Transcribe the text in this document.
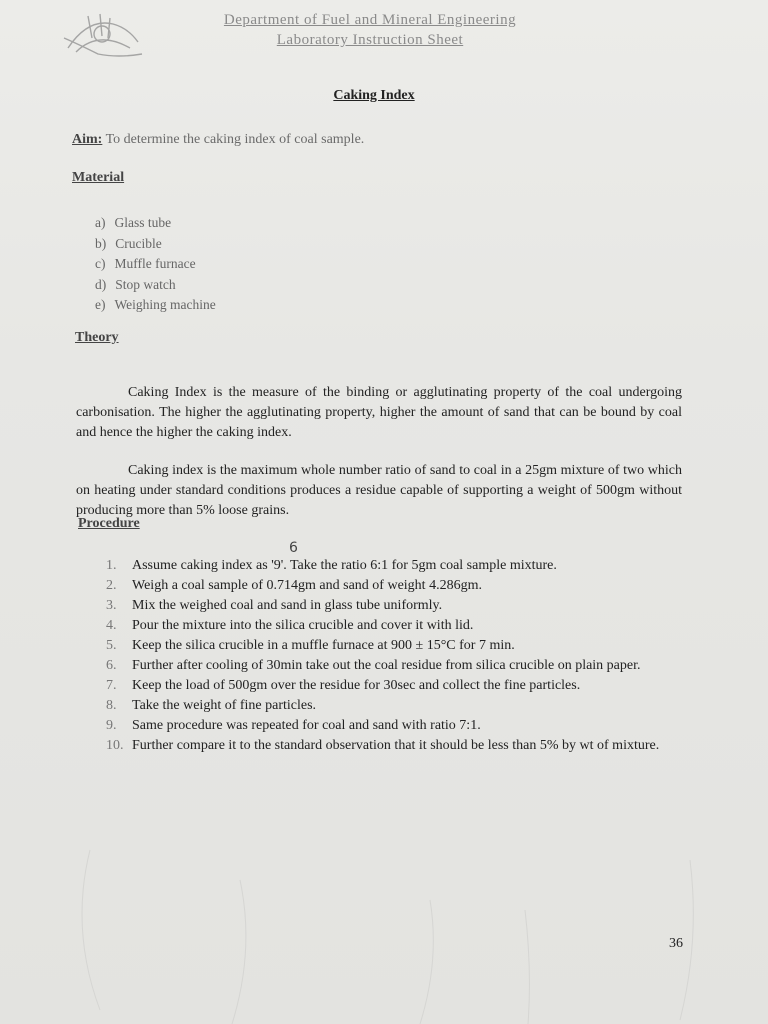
Department of Fuel and Mineral Engineering
Laboratory Instruction Sheet
Caking Index
Aim: To determine the caking index of coal sample.
Material
a) Glass tube
b) Crucible
c) Muffle furnace
d) Stop watch
e) Weighing machine
Theory

Caking Index is the measure of the binding or agglutinating property of the coal undergoing carbonisation. The higher the agglutinating property, higher the amount of sand that can be bound by coal and hence the higher the caking index.

Caking index is the maximum whole number ratio of sand to coal in a 25gm mixture of two which on heating under standard conditions produces a residue capable of supporting a weight of 500gm without producing more than 5% loose grains.

Procedure
6
1. Assume caking index as '9'. Take the ratio 6:1 for 5gm coal sample mixture.
2. Weigh a coal sample of 0.714gm and sand of weight 4.286gm.
3. Mix the weighed coal and sand in glass tube uniformly.
4. Pour the mixture into the silica crucible and cover it with lid.
5. Keep the silica crucible in a muffle furnace at 900 ± 15°C for 7 min.
6. Further after cooling of 30min take out the coal residue from silica crucible on plain paper.
7. Keep the load of 500gm over the residue for 30sec and collect the fine particles.
8. Take the weight of fine particles.
9. Same procedure was repeated for coal and sand with ratio 7:1.
10. Further compare it to the standard observation that it should be less than 5% by wt of mixture.
36
